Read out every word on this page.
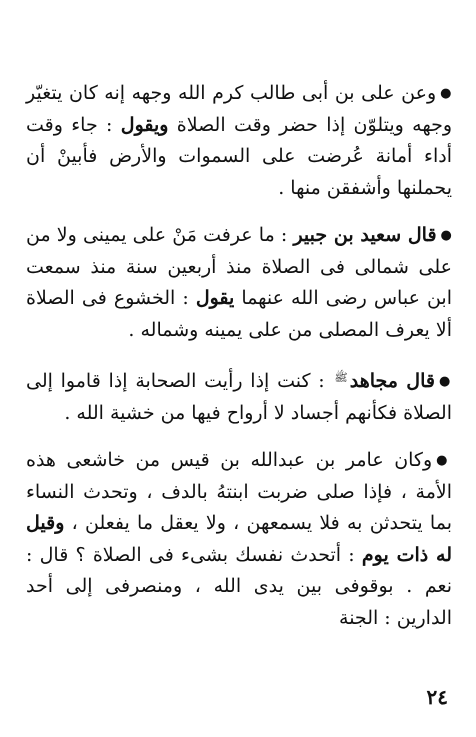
●وعن على بن أبى طالب كرم الله وجهه إنه كان يتغيّر وجهه ويتلوّن إذا حضر وقت الصلاة ويقول : جاء وقت أداء أمانة عُرضت على السموات والأرض فأبينْ أن يحملنها وأشفقن منها .

●قال سعيد بن جبير : ما عرفت مَنْ على يمينى ولا من على شمالى فى الصلاة منذ أربعين سنة منذ سمعت ابن عباس رضى الله عنهما يقول : الخشوع فى الصلاة ألا يعرف المصلى من على يمينه وشماله .

●قال مجاهد$^ﷺ$ : كنت إذا رأيت الصحابة إذا قاموا إلى الصلاة فكأنهم أجساد لا أرواح فيها من خشية الله .

●وكان عامر بن عبدالله بن قيس من خاشعى هذه الأمة ، فإذا صلى ضربت ابنتهُ بالدف ، وتحدث النساء بما يتحدثن به فلا يسمعهن ، ولا يعقل ما يفعلن ، وقيل له ذات يوم : أتحدث نفسك بشىء فى الصلاة ؟ قال : نعم . بوقوفى بين يدى الله ، ومنصرفى إلى أحد الدارين : الجنة

٢٤
